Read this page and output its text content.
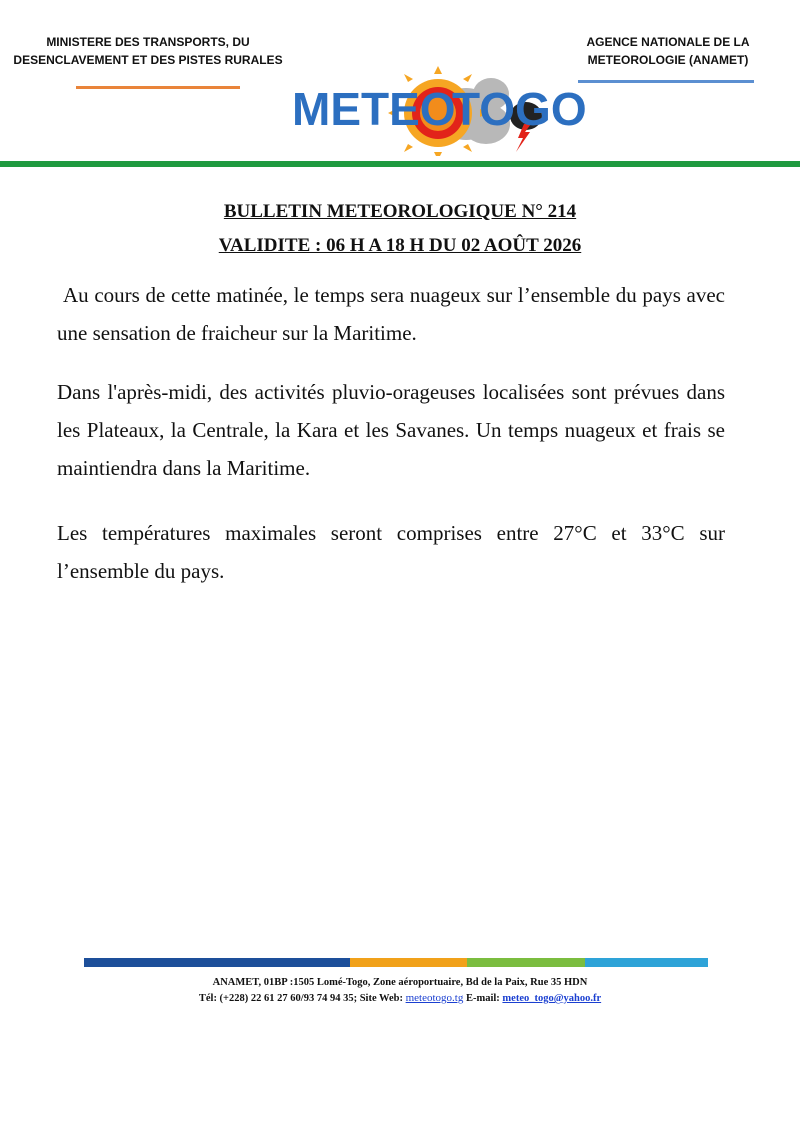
MINISTERE DES TRANSPORTS, DU
DESENCLAVEMENT ET DES PISTES RURALES
AGENCE NATIONALE DE LA
METEOROLOGIE (ANAMET)
METEO
TOGO
BULLETIN METEOROLOGIQUE N° 214
VALIDITE : 06 H A 18 H DU 02 AOÛT 2026
Au cours de cette matinée, le temps sera nuageux sur l’ensemble du pays avec une sensation de fraicheur sur la Maritime.
Dans l'après-midi, des activités pluvio-orageuses localisées sont prévues dans les Plateaux, la Centrale, la Kara et les Savanes. Un temps nuageux et frais se maintiendra dans la Maritime.
Les températures maximales seront comprises entre 27°C et 33°C sur l’ensemble du pays.
ANAMET, 01BP :1505 Lomé-Togo, Zone aéroportuaire, Bd de la Paix, Rue 35 HDN
Tél: (+228) 22 61 27 60/93 74 94 35; Site Web: meteotogo.tg E-mail: meteo_togo@yahoo.fr
